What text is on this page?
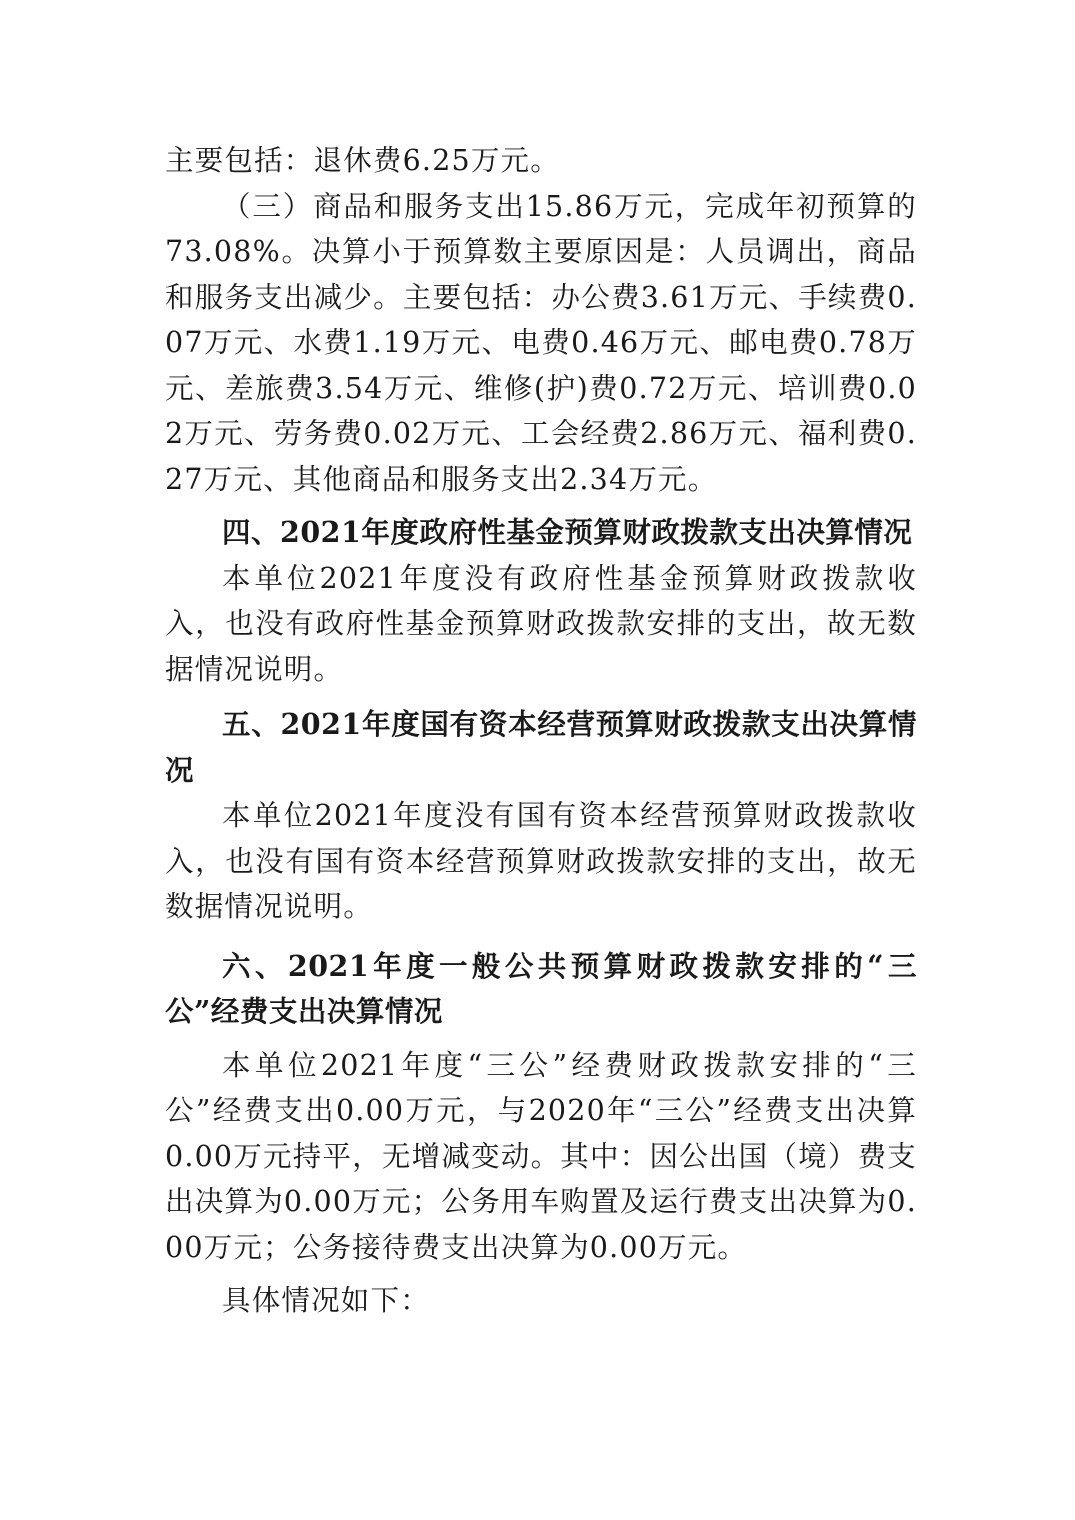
主要包括：退休费6.25万元。

（三）商品和服务支出15.86万元，完成年初预算的73.08%。决算小于预算数主要原因是：人员调出，商品和服务支出减少。主要包括：办公费3.61万元、手续费0.07万元、水费1.19万元、电费0.46万元、邮电费0.78万元、差旅费3.54万元、维修(护)费0.72万元、培训费0.02万元、劳务费0.02万元、工会经费2.86万元、福利费0.27万元、其他商品和服务支出2.34万元。

四、2021年度政府性基金预算财政拨款支出决算情况

本单位2021年度没有政府性基金预算财政拨款收入，也没有政府性基金预算财政拨款安排的支出，故无数据情况说明。

五、2021年度国有资本经营预算财政拨款支出决算情况

本单位2021年度没有国有资本经营预算财政拨款收入，也没有国有资本经营预算财政拨款安排的支出，故无数据情况说明。

六、2021年度一般公共预算财政拨款安排的“三公”经费支出决算情况

本单位2021年度“三公”经费财政拨款安排的“三公”经费支出0.00万元，与2020年“三公”经费支出决算0.00万元持平，无增减变动。其中：因公出国（境）费支出决算为0.00万元；公务用车购置及运行费支出决算为0.00万元；公务接待费支出决算为0.00万元。

具体情况如下：
